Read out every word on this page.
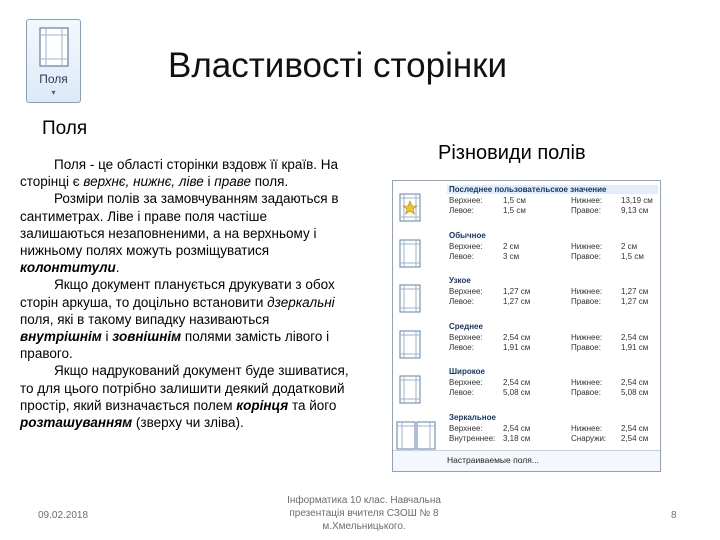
Поля
▾
Властивості сторінки
Поля
Різновиди полів

Поля - це області сторінки вздовж її країв. На сторінці є верхнє, нижнє, ліве і праве поля.

Розміри полів за замовчуванням задаються в сантиметрах. Ліве і праве поля частіше залишаються незаповненими, а на верхньому і нижньому полях можуть розміщуватися колонтитули.

Якщо документ планується друкувати з обох сторін аркуша, то доцільно встановити дзеркальні поля, які в такому випадку називаються внутрішнім і зовнішнім полями замість лівого і правого.

Якщо надрукований документ буде зшиватися, то для цього потрібно залишити деякий додатковий простір, який визначається полем корінця та його розташуванням (зверху чи зліва).

Последнее пользовательское значение
Верхнее:	1,5 см	Нижнее: 13,19 см
Левое:	1,5 см	Правое:	9,13 см
Обычное
Верхнее:	2 см	Нижнее: 2 см
Левое:	3 см	Правое:	1,5 см
Узкое
Верхнее:	1,27 см	Нижнее: 1,27 см
Левое:	1,27 см	Правое:	1,27 см
Среднее
Верхнее:	2,54 см	Нижнее: 2,54 см
Левое:	1,91 см	Правое:	1,91 см
Широкое
Верхнее:	2,54 см	Нижнее: 2,54 см
Левое:	5,08 см	Правое:	5,08 см
Зеркальное
Верхнее:	2,54 см	Нижнее: 2,54 см
Внутреннее: 3,18 см	Снаружи: 2,54 см
Настраиваемые поля...
09.02.2018
Інформатика 10 клас. Навчальна презентація вчителя СЗОШ № 8 м.Хмельницького.
8
